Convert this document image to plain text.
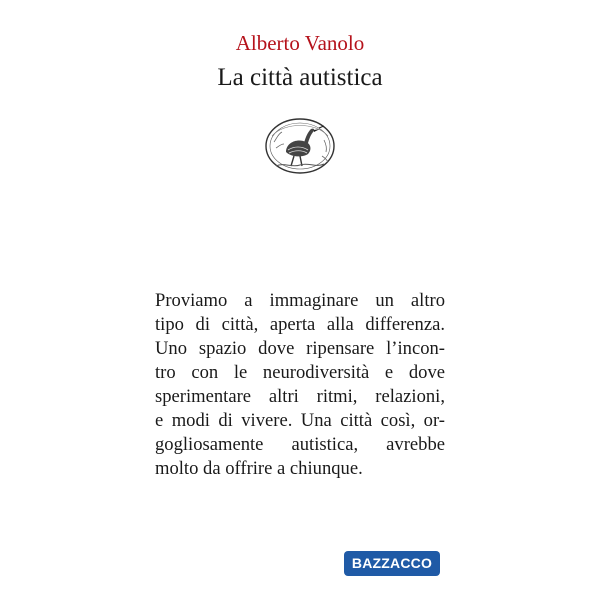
Alberto Vanolo
La città autistica
Proviamo a immaginare un altro
tipo di città, aperta alla differenza.
Uno spazio dove ripensare l’incon-
tro con le neurodiversità e dove
sperimentare altri ritmi, relazioni,
e modi di vivere. Una città così, or-
gogliosamente autistica, avrebbe
molto da offrire a chiunque.
BAZZACCO
